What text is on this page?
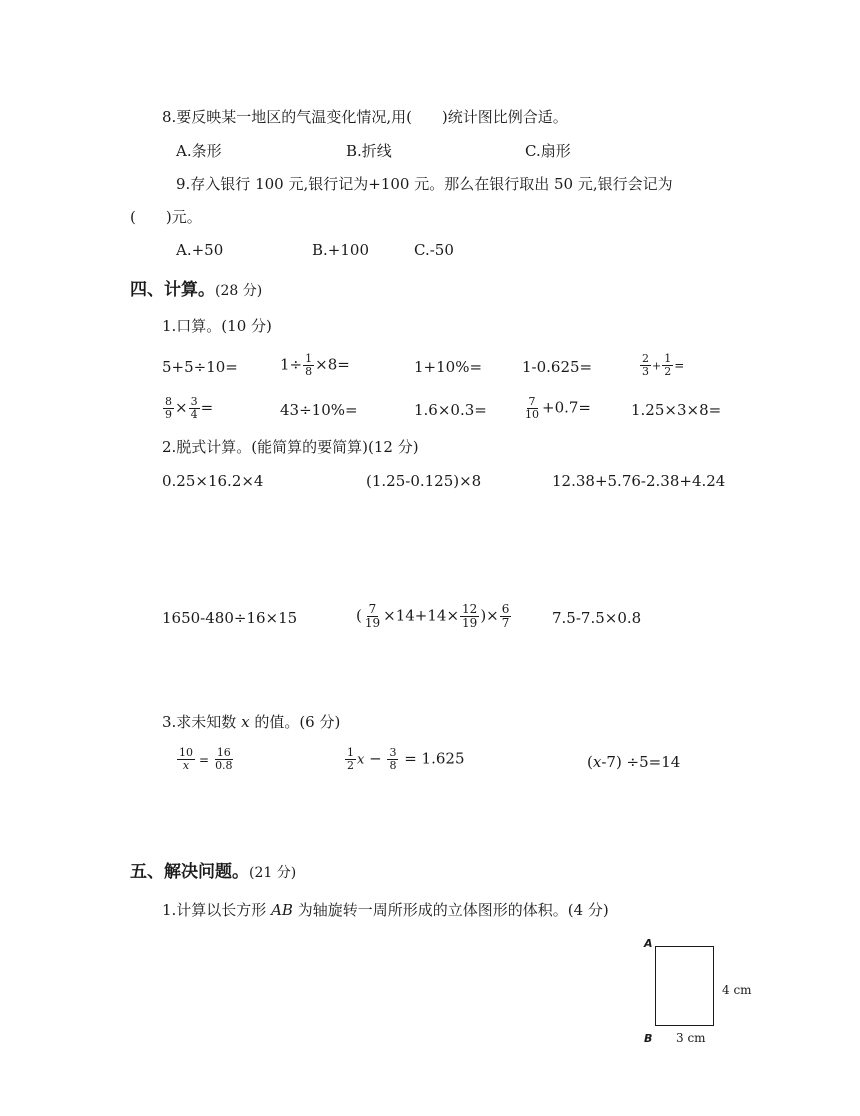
8.要反映某一地区的气温变化情况,用(　　)统计图比例合适。
A.条形	B.折线	C.扇形
9.存入银行 100 元,银行记为+100 元。那么在银行取出 50 元,银行会记为
(　　)元。
A.+50	B.+100	C.-50
四、计算。(28 分)
1.口算。(10 分)
5+5÷10=	$1\div \frac{1}{8} \times 8=$	1+10%=	1-0.625=	$\frac{2}{3} + \frac{1}{2}$ =
$\frac{8}{9} \times \frac{3}{4}$ =	43÷10%=	1.6×0.3=	$\frac{7}{10} +0.7=$	1.25×3×8=
2.脱式计算。(能简算的要简算)(12 分)
0.25×16.2×4	(1.25-0.125)×8	12.38+5.76-2.38+4.24
1650-480÷16×15	( $\frac{7}{19} \times 14+14\times \frac{12}{19}$ )× $\frac{6}{7}$	7.5-7.5×0.8
3.求未知数 x 的值。(6 分)
$\frac{10}{x} = \frac{16}{0.8}$	$\frac{1}{2}$ $x - \frac{3}{8} = 1.625$	(x-7) ÷5=14
五、解决问题。(21 分)
1.计算以长方形 AB 为轴旋转一周所形成的立体图形的体积。(4 分)
A
B
4 cm
3 cm
